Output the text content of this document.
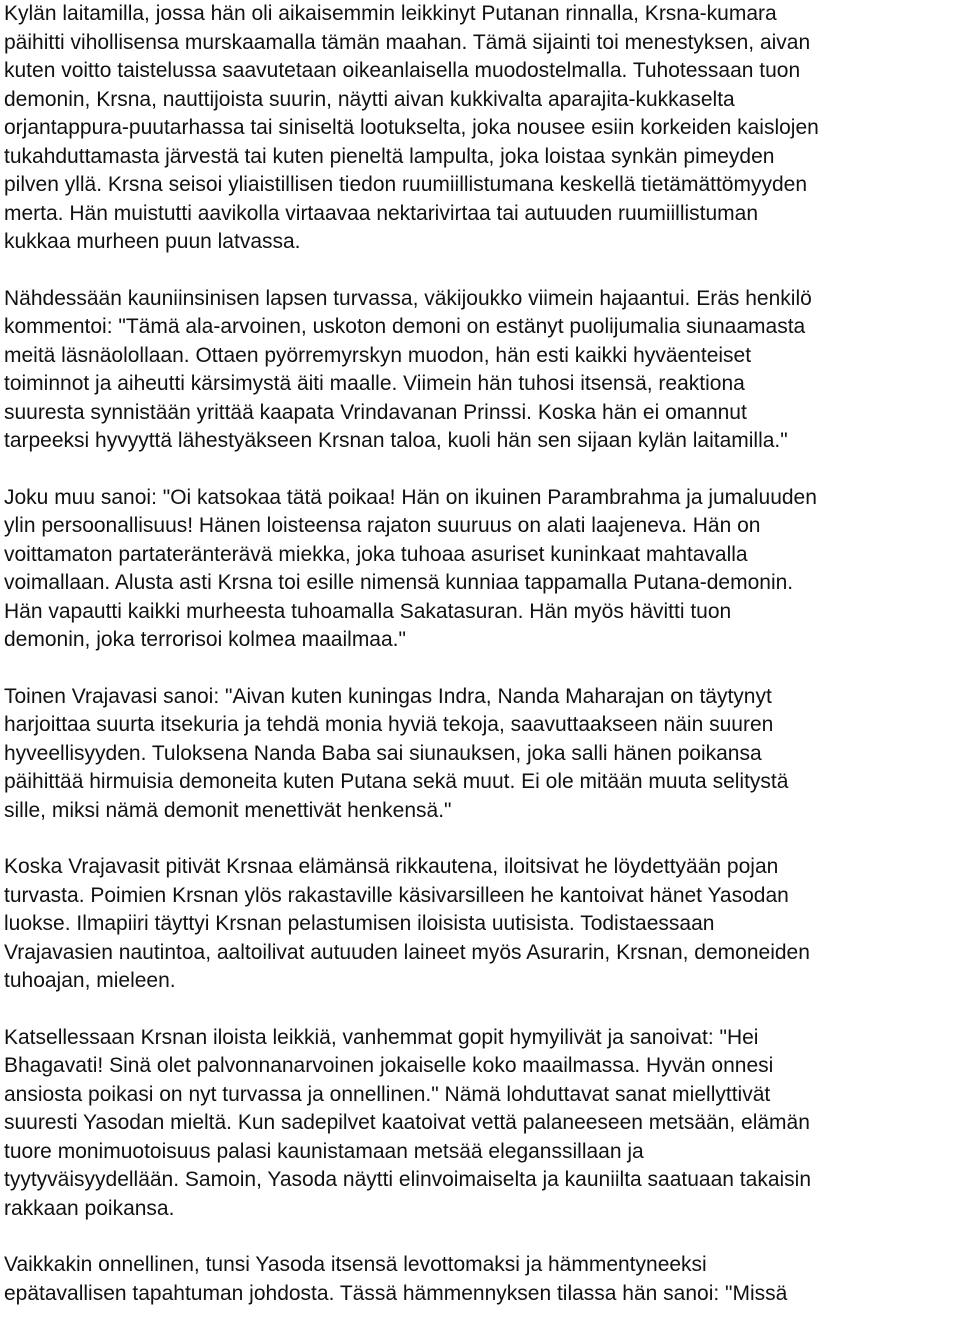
Kylän laitamilla, jossa hän oli aikaisemmin leikkinyt Putanan rinnalla, Krsna-kumara
päihitti vihollisensa murskaamalla tämän maahan. Tämä sijainti toi menestyksen, aivan
kuten voitto taistelussa saavutetaan oikeanlaisella muodostelmalla. Tuhotessaan tuon
demonin, Krsna, nauttijoista suurin, näytti aivan kukkivalta aparajita-kukkaselta
orjantappura-puutarhassa tai siniseltä lootukselta, joka nousee esiin korkeiden kaislojen
tukahduttamasta järvestä tai kuten pieneltä lampulta, joka loistaa synkän pimeyden
pilven yllä. Krsna seisoi yliaistillisen tiedon ruumiillistumana keskellä tietämättömyyden
merta. Hän muistutti aavikolla virtaavaa nektarivirtaa tai autuuden ruumiillistuman
kukkaa murheen puun latvassa.
Nähdessään kauniinsinisen lapsen turvassa, väkijoukko viimein hajaantui. Eräs henkilö
kommentoi: "Tämä ala-arvoinen, uskoton demoni on estänyt puolijumalia siunaamasta
meitä läsnäolollaan. Ottaen pyörremyrskyn muodon, hän esti kaikki hyväenteiset
toiminnot ja aiheutti kärsimystä äiti maalle. Viimein hän tuhosi itsensä, reaktiona
suuresta synnistään yrittää kaapata Vrindavanan Prinssi. Koska hän ei omannut
tarpeeksi hyvyyttä lähestyäkseen Krsnan taloa, kuoli hän sen sijaan kylän laitamilla."
Joku muu sanoi: "Oi katsokaa tätä poikaa! Hän on ikuinen Parambrahma ja jumaluuden
ylin persoonallisuus! Hänen loisteensa rajaton suuruus on alati laajeneva. Hän on
voittamaton partateränterävä miekka, joka tuhoaa asuriset kuninkaat mahtavalla
voimallaan. Alusta asti Krsna toi esille nimensä kunniaa tappamalla Putana-demonin.
Hän vapautti kaikki murheesta tuhoamalla Sakatasuran. Hän myös hävitti tuon
demonin, joka terrorisoi kolmea maailmaa."
Toinen Vrajavasi sanoi: "Aivan kuten kuningas Indra, Nanda Maharajan on täytynyt
harjoittaa suurta itsekuria ja tehdä monia hyviä tekoja, saavuttaakseen näin suuren
hyveellisyyden. Tuloksena Nanda Baba sai siunauksen, joka salli hänen poikansa
päihittää hirmuisia demoneita kuten Putana sekä muut. Ei ole mitään muuta selitystä
sille, miksi nämä demonit menettivät henkensä."
Koska Vrajavasit pitivät Krsnaa elämänsä rikkautena, iloitsivat he löydettyään pojan
turvasta. Poimien Krsnan ylös rakastaville käsivarsilleen he kantoivat hänet Yasodan
luokse. Ilmapiiri täyttyi Krsnan pelastumisen iloisista uutisista. Todistaessaan
Vrajavasien nautintoa, aaltoilivat autuuden laineet myös Asurarin, Krsnan, demoneiden
tuhoajan, mieleen.
Katsellessaan Krsnan iloista leikkiä, vanhemmat gopit hymyilivät ja sanoivat: "Hei
Bhagavati! Sinä olet palvonnanarvoinen jokaiselle koko maailmassa. Hyvän onnesi
ansiosta poikasi on nyt turvassa ja onnellinen." Nämä lohduttavat sanat miellyttivät
suuresti Yasodan mieltä. Kun sadepilvet kaatoivat vettä palaneeseen metsään, elämän
tuore monimuotoisuus palasi kaunistamaan metsää eleganssillaan ja
tyytyväisyydellään. Samoin, Yasoda näytti elinvoimaiselta ja kauniilta saatuaan takaisin
rakkaan poikansa.
Vaikkakin onnellinen, tunsi Yasoda itsensä levottomaksi ja hämmentyneeksi
epätavallisen tapahtuman johdosta. Tässä hämmennyksen tilassa hän sanoi: "Missä
